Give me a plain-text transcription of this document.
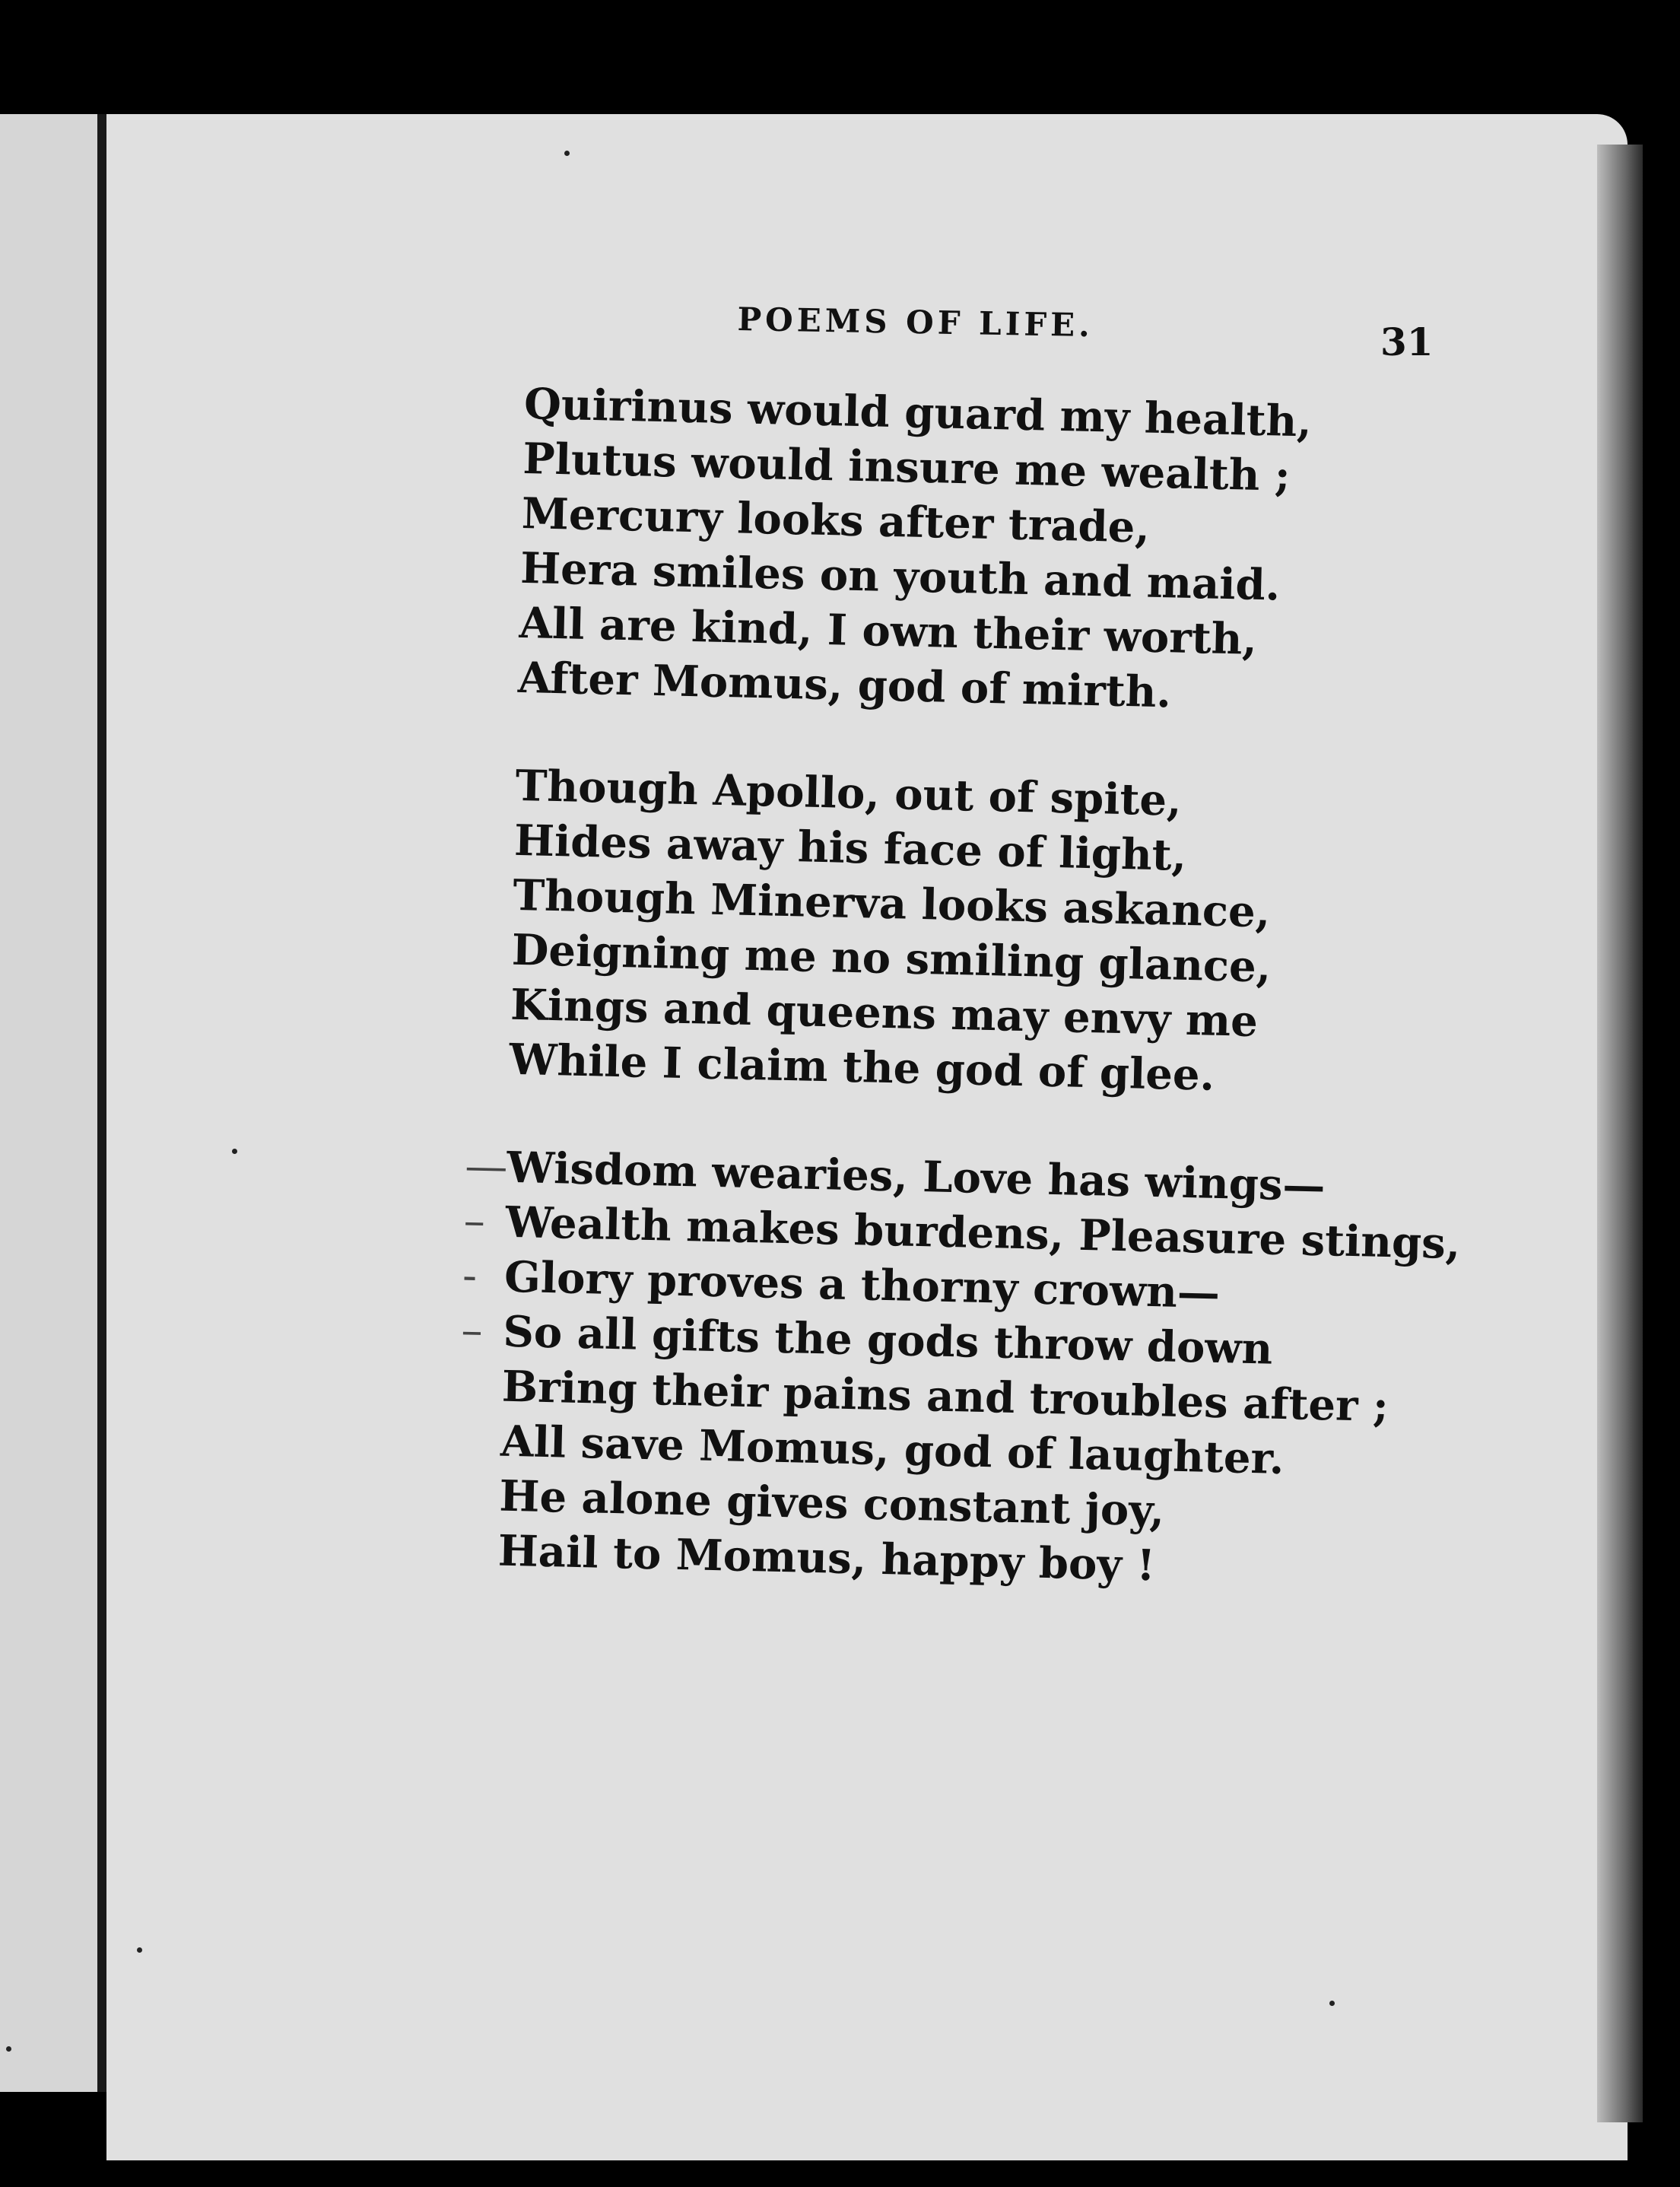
POEMS OF LIFE.	31
Quirinus would guard my health,
Plutus would insure me wealth ;
Mercury looks after trade,
Hera smiles on youth and maid.
All are kind, I own their worth,
After Momus, god of mirth.
Though Apollo, out of spite,
Hides away his face of light,
Though Minerva looks askance,
Deigning me no smiling glance,
Kings and queens may envy me
While I claim the god of glee.
—
Wisdom wearies, Love has wings—
– Wealth makes burdens, Pleasure stings,
- Glory proves a thorny crown—
– So all gifts the gods throw down
Bring their pains and troubles after ;
All save Momus, god of laughter.
He alone gives constant joy,
Hail to Momus, happy boy !
